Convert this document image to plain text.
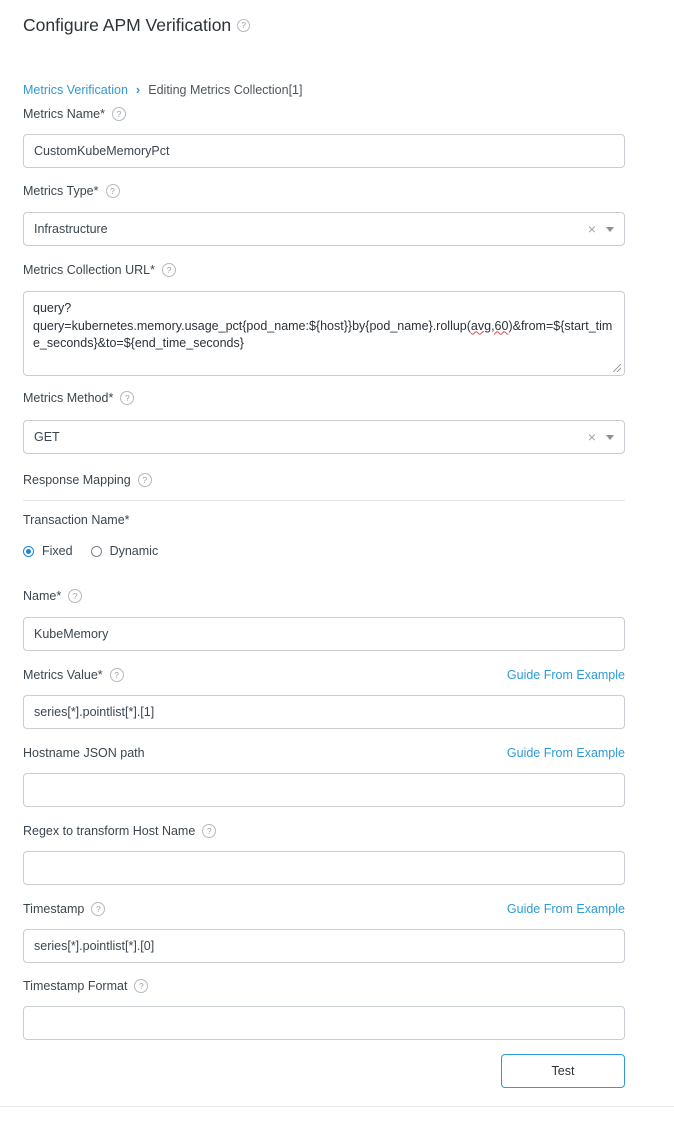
Configure APM Verification	?
Metrics Verification › Editing Metrics Collection[1]
Metrics Name*	?
CustomKubeMemoryPct
Metrics Type*	?
Infrastructure	×
Metrics Collection URL*	?
query?
query=kubernetes.memory.usage_pct{pod_name:${host}}by{pod_name}.rollup(avg,60)&from=${start_time_seconds}&to=${end_time_seconds}
Metrics Method*	?
GET	×
Response Mapping	?
Transaction Name*
Fixed	Dynamic
Name*	?
KubeMemory
Metrics Value*	?	Guide From Example
series[*].pointlist[*].[1]
Hostname JSON path	Guide From Example
Regex to transform Host Name	?
Timestamp	?	Guide From Example
series[*].pointlist[*].[0]
Timestamp Format	?
Test
